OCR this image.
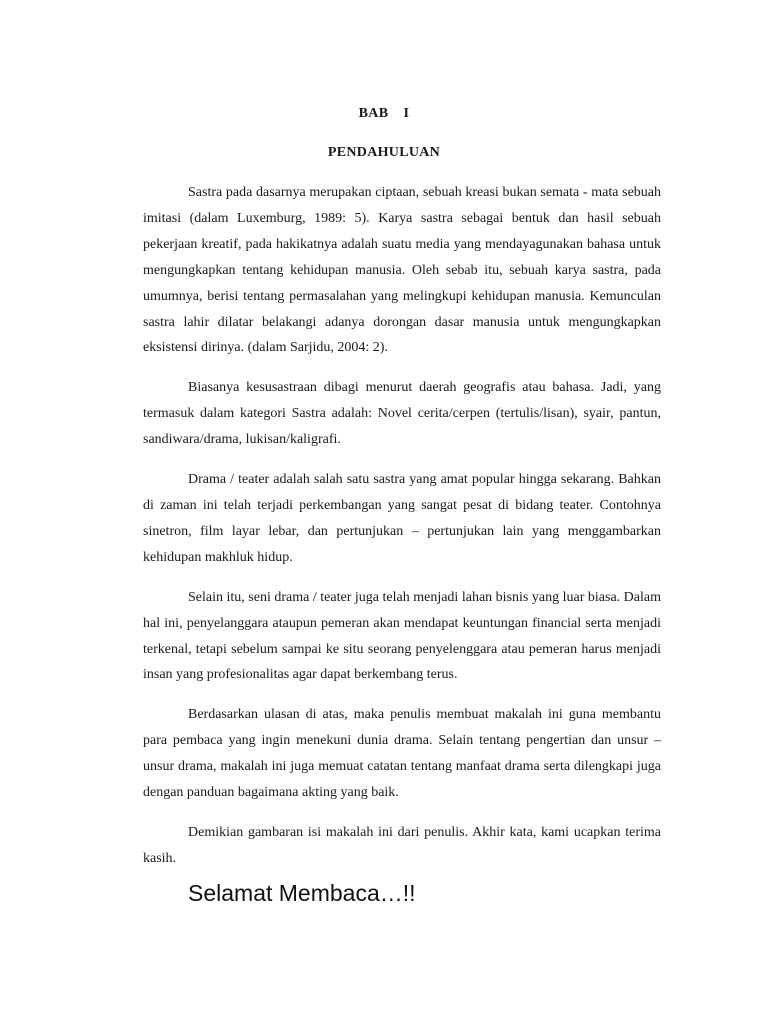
BAB    I
PENDAHULUAN

Sastra pada dasarnya merupakan ciptaan, sebuah kreasi bukan semata - mata sebuah imitasi (dalam Luxemburg, 1989: 5). Karya sastra sebagai bentuk dan hasil sebuah pekerjaan kreatif, pada hakikatnya adalah suatu media yang mendayagunakan bahasa untuk mengungkapkan tentang kehidupan manusia. Oleh sebab itu, sebuah karya sastra, pada umumnya, berisi tentang permasalahan yang melingkupi kehidupan manusia. Kemunculan sastra lahir dilatar belakangi adanya dorongan dasar manusia untuk mengungkapkan eksistensi dirinya. (dalam Sarjidu, 2004: 2).

Biasanya kesusastraan dibagi menurut daerah geografis atau bahasa. Jadi, yang termasuk dalam kategori Sastra adalah: Novel cerita/cerpen (tertulis/lisan), syair, pantun, sandiwara/drama, lukisan/kaligrafi.

Drama / teater adalah salah satu sastra yang amat popular hingga sekarang. Bahkan di zaman ini telah terjadi perkembangan yang sangat pesat di bidang teater. Contohnya sinetron, film layar lebar, dan pertunjukan – pertunjukan lain yang menggambarkan kehidupan makhluk hidup.

Selain itu, seni drama / teater juga telah menjadi lahan bisnis yang luar biasa. Dalam hal ini, penyelanggara ataupun pemeran akan mendapat keuntungan financial serta menjadi terkenal, tetapi sebelum sampai ke situ seorang penyelenggara atau pemeran harus menjadi insan yang profesionalitas agar dapat berkembang terus.

Berdasarkan ulasan di atas, maka penulis membuat makalah ini guna membantu para pembaca yang ingin menekuni dunia drama. Selain tentang pengertian dan unsur – unsur drama, makalah ini juga memuat catatan tentang manfaat drama serta dilengkapi juga dengan panduan bagaimana akting yang baik.

Demikian gambaran isi makalah ini dari penulis. Akhir kata, kami ucapkan terima kasih.

Selamat Membaca…!!
